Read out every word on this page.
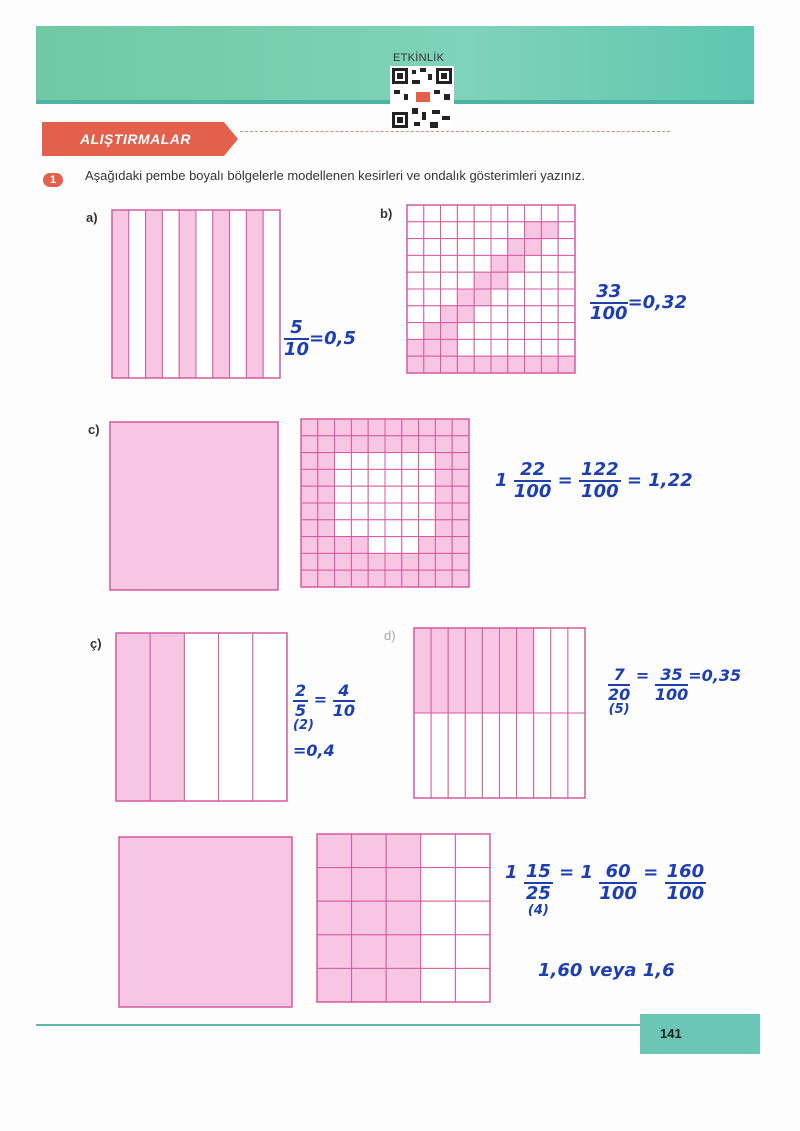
ETKİNLİK
ALIŞTIRMALAR
1	Aşağıdaki pembe boyalı bölgelerle modellenen kesirleri ve ondalık gösterimleri yazınız.
a)
$\frac{5}{10} =0,5$
b)
$\frac{33}{100} =0,32$
c)
$1 \frac{22}{100} = \frac{122}{100} = 1,22$
ç)
$\frac{2}{5} = \frac{4}{10}$
(2)
=0,4
d)
7
20
(5)
= $\frac{35}{100} =0,35$
1 15
25
(4)
= $1 \frac{60}{100} = \frac{160}{100}$
1,60 veya 1,6
141
